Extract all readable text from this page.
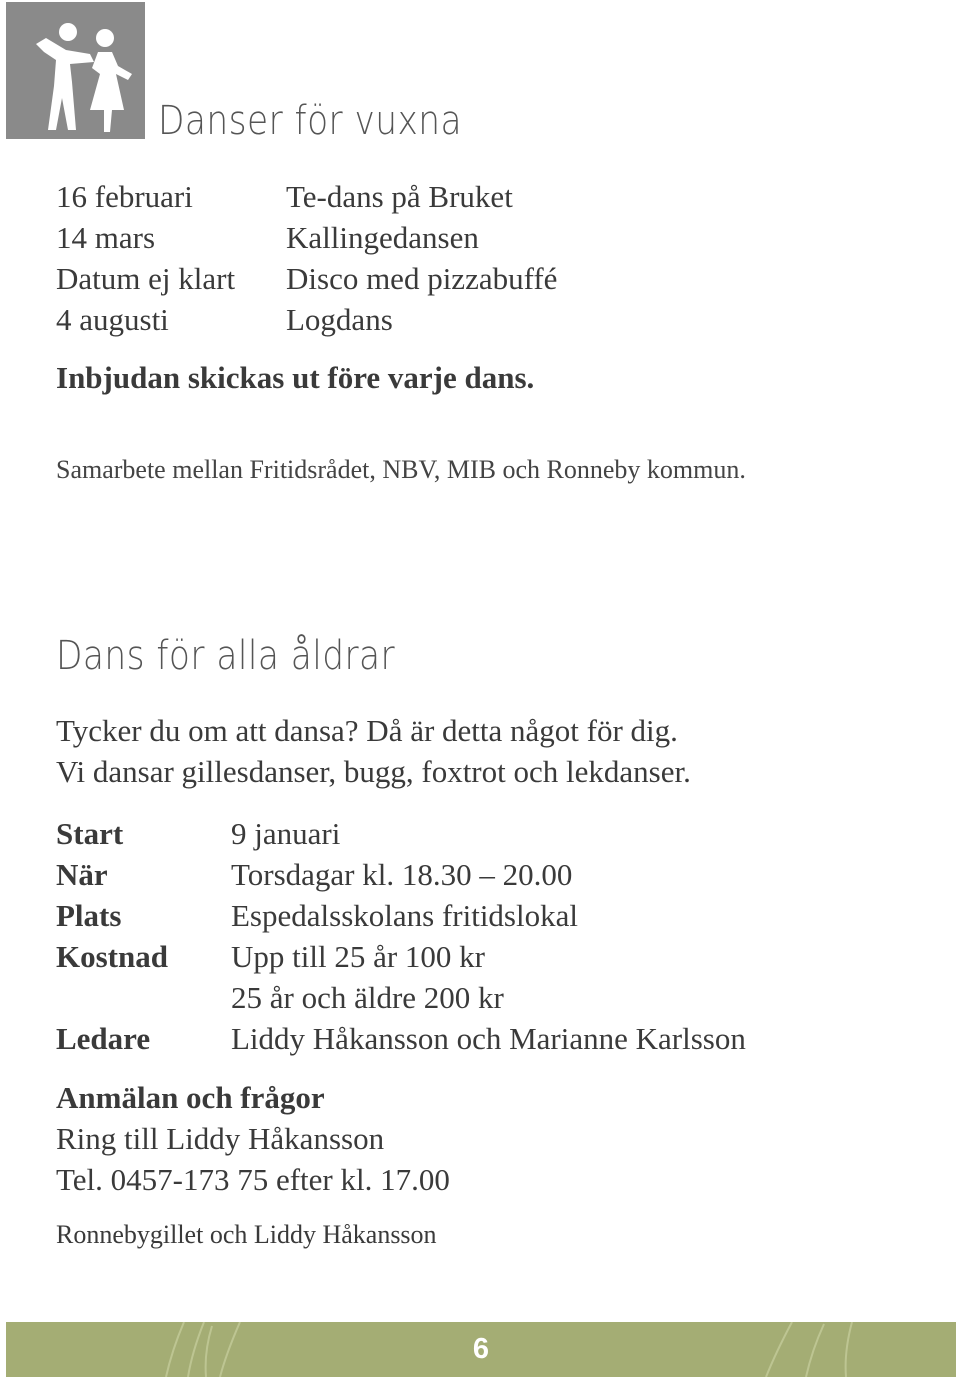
Danser för vuxna
16 februari	Te-dans på Bruket
14 mars	Kallingedansen
Datum ej klart	Disco med pizzabuffé
4 augusti	Logdans
Inbjudan skickas ut före varje dans.
Samarbete mellan Fritidsrådet, NBV, MIB och Ronneby kommun.
Dans för alla åldrar
Tycker du om att dansa? Då är detta något för dig.
Vi dansar gillesdanser, bugg, foxtrot och lekdanser.
Start	9 januari
När	Torsdagar kl. 18.30 – 20.00
Plats	Espedalsskolans fritidslokal
Kostnad	Upp till 25 år 100 kr
25 år och äldre 200 kr
Ledare	Liddy Håkansson och Marianne Karlsson
Anmälan och frågor
Ring till Liddy Håkansson
Tel. 0457-173 75 efter kl. 17.00
Ronnebygillet och Liddy Håkansson
6
